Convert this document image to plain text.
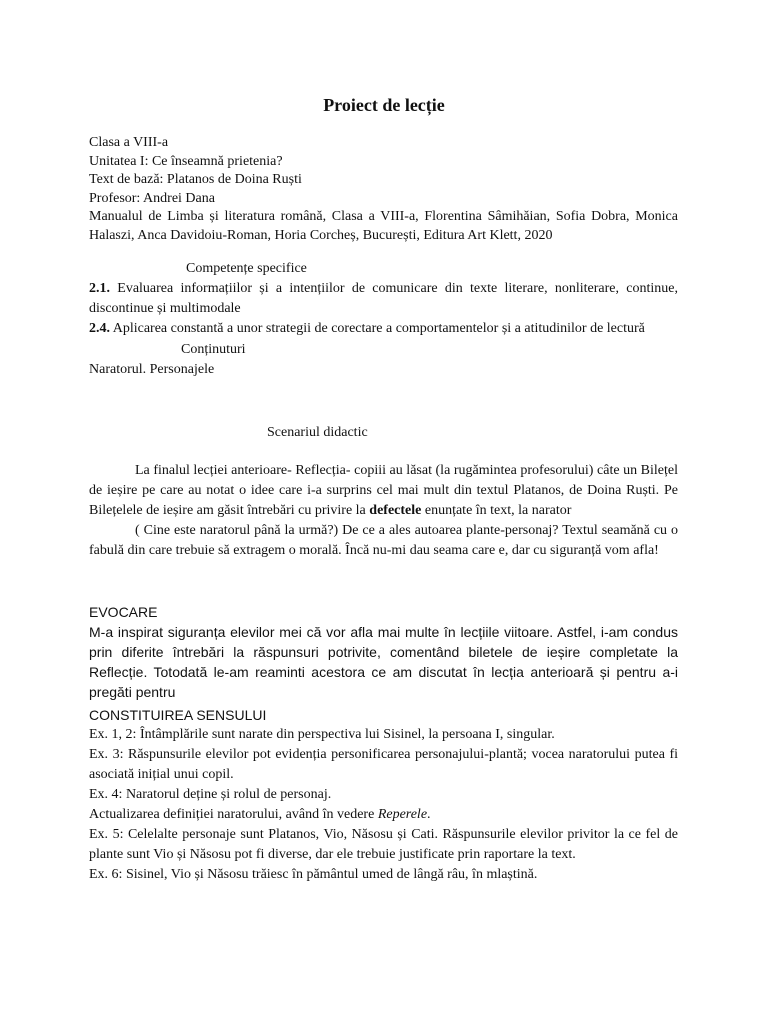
Proiect de lecție

Clasa a VIII-a

Unitatea I: Ce înseamnă prietenia?

Text de bază: Platanos de Doina Ruști

Profesor: Andrei Dana

Manualul de Limba și literatura română, Clasa a VIII-a, Florentina Sâmihăian, Sofia Dobra, Monica Halaszi, Anca Davidoiu-Roman, Horia Corcheș, București, Editura Art Klett, 2020

Competențe specifice

2.1. Evaluarea informațiilor și a intențiilor de comunicare din texte literare, nonliterare, continue, discontinue și multimodale

2.4. Aplicarea constantă a unor strategii de corectare a comportamentelor și a atitudinilor de lectură

Conținuturi

Naratorul. Personajele

Scenariul didactic

La finalul lecției anterioare- Reflecția- copiii au lăsat (la rugămintea profesorului) câte un Bilețel de ieșire pe care au notat o idee care i-a surprins cel mai mult din textul Platanos, de Doina Ruști. Pe Bilețelele de ieșire am găsit întrebări cu privire la defectele enunțate în text, la narator

( Cine este naratorul până la urmă?) De ce a ales autoarea plante-personaj? Textul seamănă cu o fabulă din care trebuie să extragem o morală. Încă nu-mi dau seama care e, dar cu siguranță vom afla!

EVOCARE

M-a inspirat siguranța elevilor mei că vor afla mai multe în lecțiile viitoare. Astfel, i-am condus prin diferite întrebări la răspunsuri potrivite, comentând biletele de ieșire completate la Reflecție. Totodată le-am reaminti acestora ce am discutat în lecția anterioară și pentru a-i pregăti pentru

CONSTITUIREA SENSULUI

Ex. 1, 2: Întâmplările sunt narate din perspectiva lui Sisinel, la persoana I, singular.

Ex. 3: Răspunsurile elevilor pot evidenția personificarea personajului-plantă; vocea naratorului putea fi asociată inițial unui copil.

Ex. 4: Naratorul deține și rolul de personaj.

Actualizarea definiției naratorului, având în vedere Reperele.

Ex. 5: Celelalte personaje sunt Platanos, Vio, Năsosu și Cati. Răspunsurile elevilor privitor la ce fel de plante sunt Vio și Năsosu pot fi diverse, dar ele trebuie justificate prin raportare la text.

Ex. 6: Sisinel, Vio și Năsosu trăiesc în pământul umed de lângă râu, în mlaștină.
